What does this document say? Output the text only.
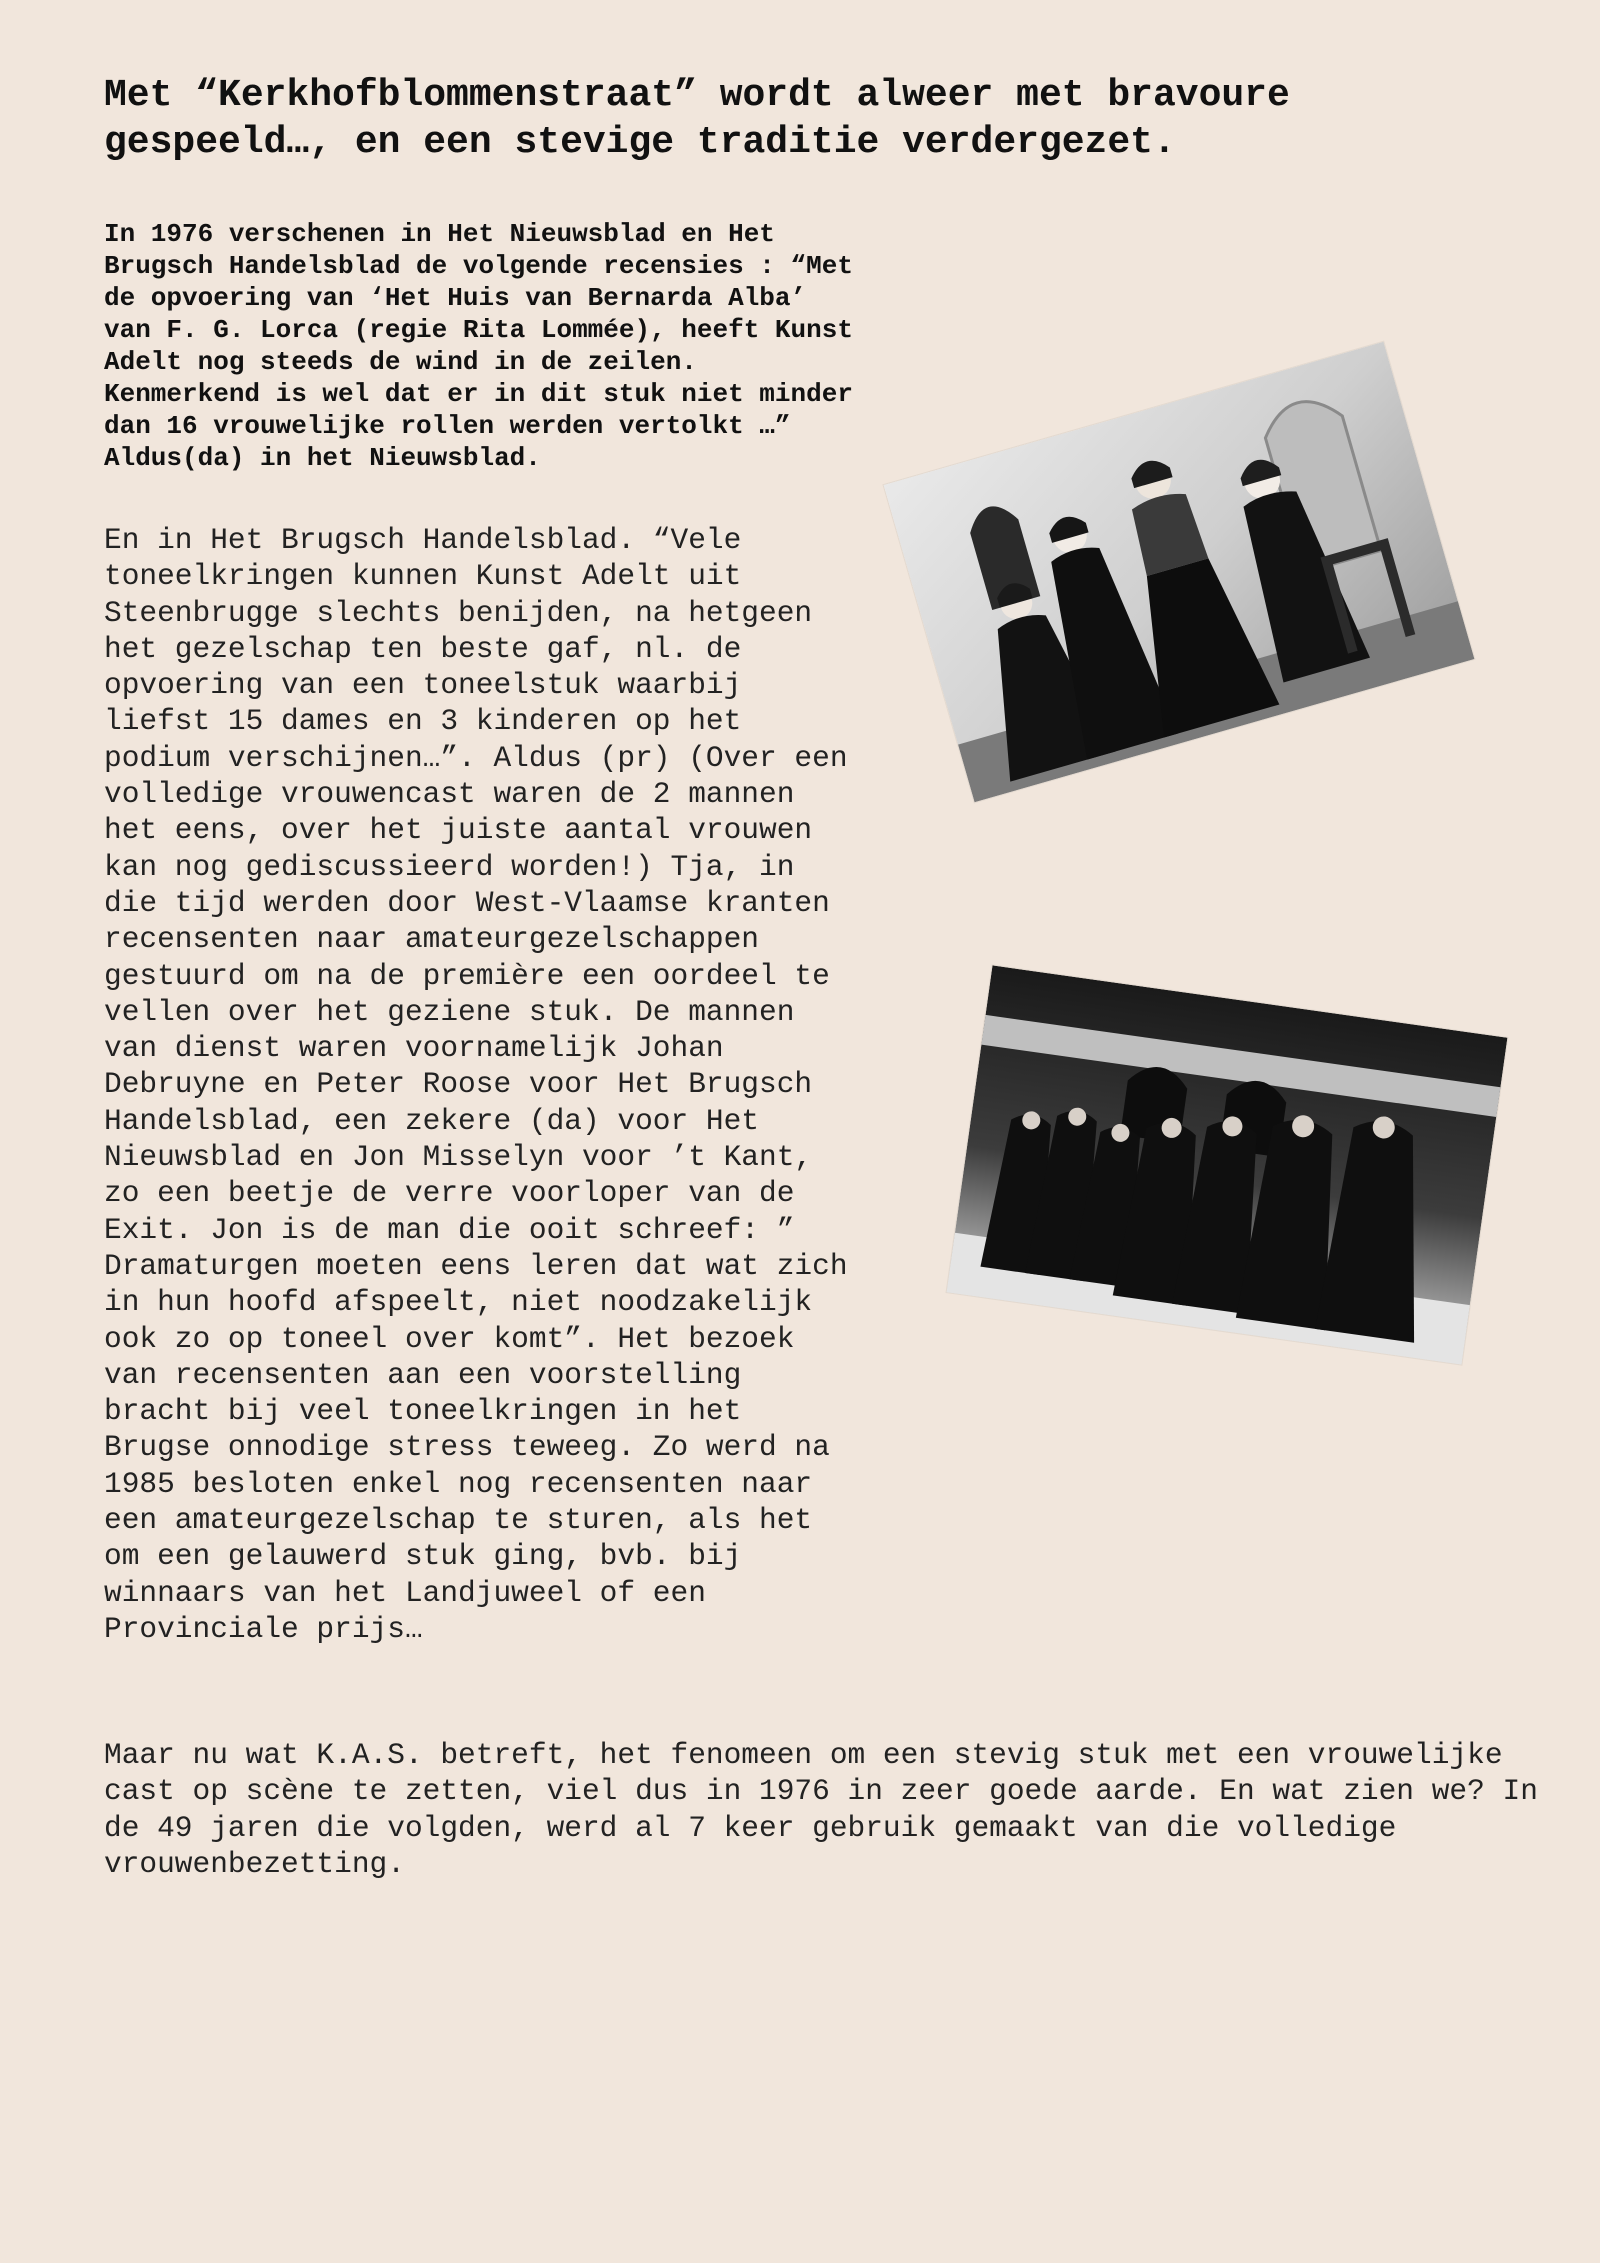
Met “Kerkhofblommenstraat” wordt alweer met bravoure gespeeld…, en een stevige traditie verdergezet.

In 1976 verschenen in Het Nieuwsblad en Het Brugsch Handelsblad de volgende recensies : “Met de opvoering van ‘Het Huis van Bernarda Alba’ van F. G. Lorca (regie Rita Lommée), heeft Kunst Adelt nog steeds de wind in de zeilen. Kenmerkend is wel dat er in dit stuk niet minder dan 16 vrouwelijke rollen werden vertolkt …” Aldus(da) in het Nieuwsblad.

En in Het Brugsch Handelsblad. “Vele toneelkringen kunnen Kunst Adelt uit Steenbrugge slechts benijden, na hetgeen het gezelschap ten beste gaf, nl. de opvoering van een toneelstuk waarbij liefst 15 dames en 3 kinderen op het podium verschijnen…”. Aldus (pr) (Over een volledige vrouwencast waren de 2 mannen het eens, over het juiste aantal vrouwen kan nog gediscussieerd worden!) Tja, in die tijd werden door West-Vlaamse kranten recensenten naar amateurgezelschappen gestuurd om na de première een oordeel te vellen over het geziene stuk. De mannen van dienst waren voornamelijk Johan Debruyne en Peter Roose voor Het Brugsch Handelsblad, een zekere (da) voor Het Nieuwsblad en Jon Misselyn voor ’t Kant, zo een beetje de verre voorloper van de Exit. Jon is de man die ooit schreef: ” Dramaturgen moeten eens leren dat wat zich in hun hoofd afspeelt, niet noodzakelijk ook zo op toneel over komt”. Het bezoek van recensenten aan een voorstelling bracht bij veel toneelkringen in het Brugse onnodige stress teweeg. Zo werd na 1985 besloten enkel nog recensenten naar een amateurgezelschap te sturen, als het om een gelauwerd stuk ging, bvb. bij winnaars van het Landjuweel of een Provinciale prijs…

Maar nu wat K.A.S. betreft, het fenomeen om een stevig stuk met een vrouwelijke cast op scène te zetten, viel dus in 1976 in zeer goede aarde. En wat zien we? In de 49 jaren die volgden, werd al 7 keer gebruik gemaakt van die volledige vrouwenbezetting.
